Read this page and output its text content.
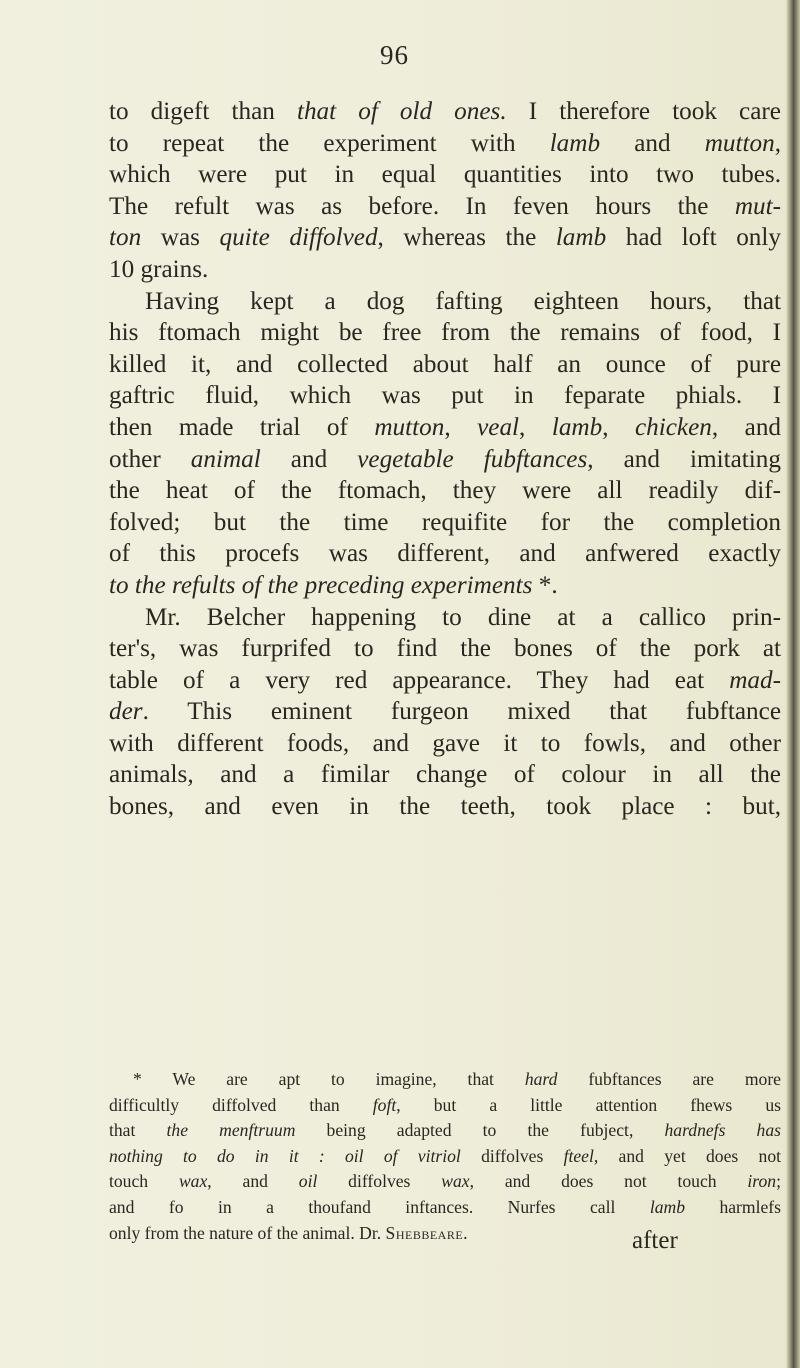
96
to digeft than that of old ones. I therefore took care
to repeat the experiment with lamb and mutton,
which were put in equal quantities into two tubes.
The refult was as before. In feven hours the mut-
ton was quite diffolved, whereas the lamb had loft only
10 grains.
Having kept a dog fafting eighteen hours, that
his ftomach might be free from the remains of food, I
killed it, and collected about half an ounce of pure
gaftric fluid, which was put in feparate phials. I
then made trial of mutton, veal, lamb, chicken, and
other animal and vegetable fubftances, and imitating
the heat of the ftomach, they were all readily dif-
folved; but the time requifite for the completion
of this procefs was different, and anfwered exactly
to the refults of the preceding experiments *.
Mr. Belcher happening to dine at a callico prin-
ter's, was furprifed to find the bones of the pork at
table of a very red appearance. They had eat mad-
der. This eminent furgeon mixed that fubftance
with different foods, and gave it to fowls, and other
animals, and a fimilar change of colour in all the
bones, and even in the teeth, took place : but,
* We are apt to imagine, that hard fubftances are more
difficultly diffolved than foft, but a little attention fhews us
that the menftruum being adapted to the fubject, hardnefs has
nothing to do in it : oil of vitriol diffolves fteel, and yet does not
touch wax, and oil diffolves wax, and does not touch iron;
and fo in a thoufand inftances. Nurfes call lamb harmlefs
only from the nature of the animal. Dr. Shebbeare.	after
